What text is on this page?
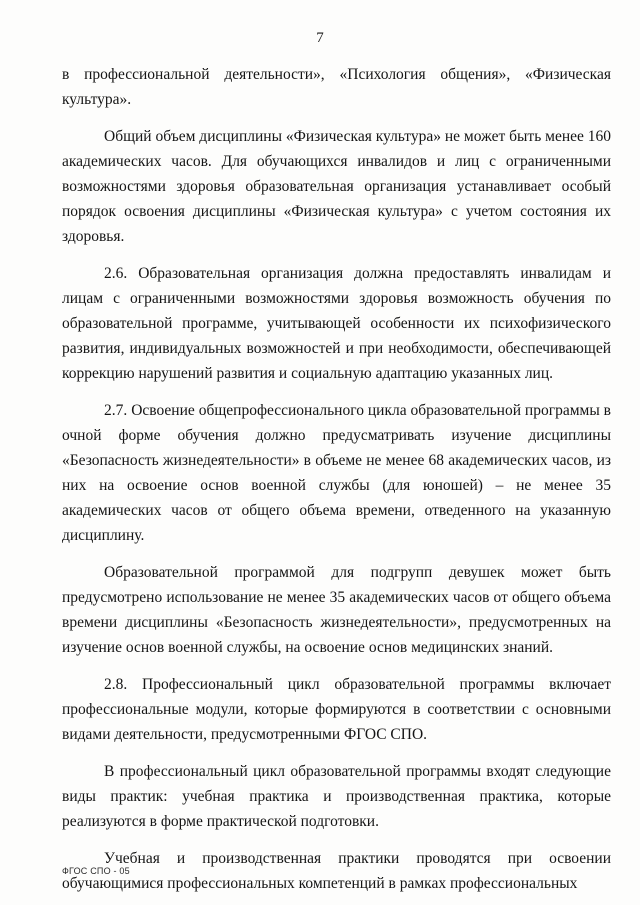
7

в профессиональной деятельности», «Психология общения», «Физическая культура».

Общий объем дисциплины «Физическая культура» не может быть менее 160 академических часов. Для обучающихся инвалидов и лиц с ограниченными возможностями здоровья образовательная организация устанавливает особый порядок освоения дисциплины «Физическая культура» с учетом состояния их здоровья.

2.6. Образовательная организация должна предоставлять инвалидам и лицам с ограниченными возможностями здоровья возможность обучения по образовательной программе, учитывающей особенности их психофизического развития, индивидуальных возможностей и при необходимости, обеспечивающей коррекцию нарушений развития и социальную адаптацию указанных лиц.

2.7. Освоение общепрофессионального цикла образовательной программы в очной форме обучения должно предусматривать изучение дисциплины «Безопасность жизнедеятельности» в объеме не менее 68 академических часов, из них на освоение основ военной службы (для юношей) – не менее 35 академических часов от общего объема времени, отведенного на указанную дисциплину.

Образовательной программой для подгрупп девушек может быть предусмотрено использование не менее 35 академических часов от общего объема времени дисциплины «Безопасность жизнедеятельности», предусмотренных на изучение основ военной службы, на освоение основ медицинских знаний.

2.8. Профессиональный цикл образовательной программы включает профессиональные модули, которые формируются в соответствии с основными видами деятельности, предусмотренными ФГОС СПО.

В профессиональный цикл образовательной программы входят следующие виды практик: учебная практика и производственная практика, которые реализуются в форме практической подготовки.

Учебная и производственная практики проводятся при освоении обучающимися профессиональных компетенций в рамках профессиональных

ФГОС СПО - 05
